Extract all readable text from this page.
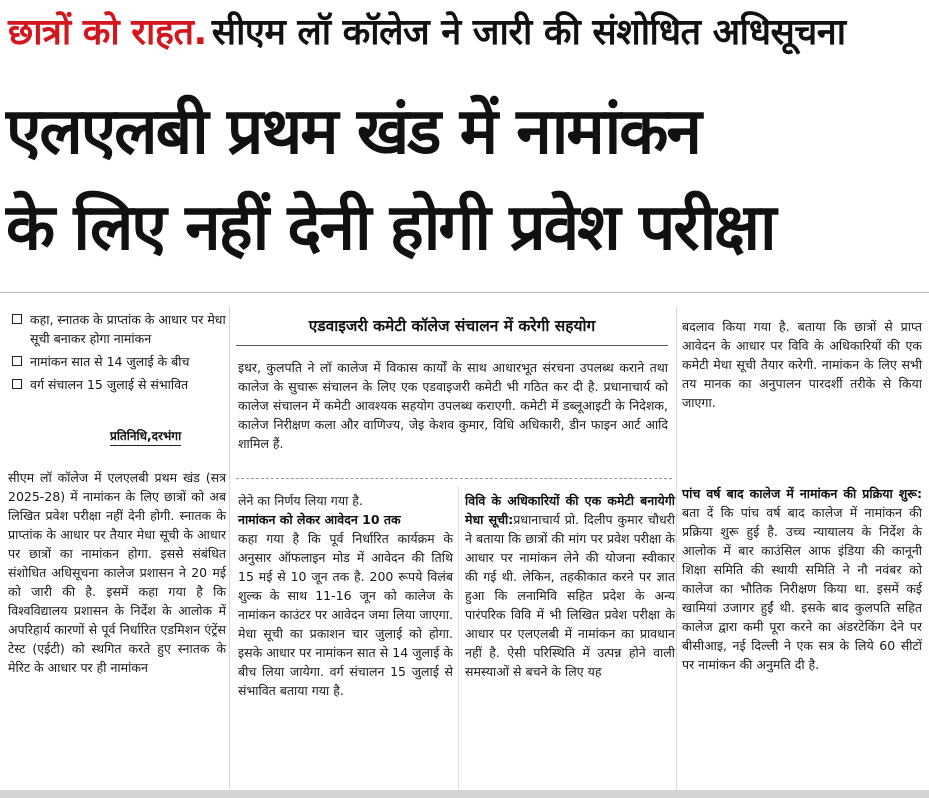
छात्रों को राहत. सीएम लॉ कॉलेज ने जारी की संशोधित अधिसूचना
एलएलबी प्रथम खंड में नामांकन
के लिए नहीं देनी होगी प्रवेश परीक्षा
कहा, स्नातक के प्राप्तांक के आधार पर मेधा सूची बनाकर होगा नामांकन
नामांकन सात से 14 जुलाई के बीच
वर्ग संचालन 15 जुलाई से संभावित
प्रतिनिधि,दरभंगा
सीएम लॉ कॉलेज में एलएलबी प्रथम खंड (सत्र 2025-28) में नामांकन के लिए छात्रों को अब लिखित प्रवेश परीक्षा नहीं देनी होगी. स्नातक के प्राप्तांक के आधार पर तैयार मेधा सूची के आधार पर छात्रों का नामांकन होगा. इससे संबंधित संशोधित अधिसूचना कालेज प्रशासन ने 20 मई को जारी की है. इसमें कहा गया है कि विश्वविद्यालय प्रशासन के निर्देश के आलोक में अपरिहार्य कारणों से पूर्व निर्धारित एडमिशन एंट्रेंस टेस्ट (एईटी) को स्थगित करते हुए स्नातक के मेरिट के आधार पर ही नामांकन
एडवाइजरी कमेटी कॉलेज संचालन में करेगी सहयोग
इधर, कुलपति ने लॉ कालेज में विकास कार्यों के साथ आधारभूत संरचना उपलब्ध कराने तथा कालेज के सुचारू संचालन के लिए एक एडवाइजरी कमेटी भी गठित कर दी है. प्रधानाचार्य को कालेज संचालन में कमेटी आवश्यक सहयोग उपलब्ध कराएगी. कमेटी में डब्लूआइटी के निदेशक, कालेज निरीक्षण कला और वाणिज्य, जेइ केशव कुमार, विधि अधिकारी, डीन फाइन आर्ट आदि शामिल हैं.
लेने का निर्णय लिया गया है.
नामांकन को लेकर आवेदन 10 तक
कहा गया है कि पूर्व निर्धारित कार्यक्रम के अनुसार ऑफलाइन मोड में आवेदन की तिथि 15 मई से 10 जून तक है. 200 रूपये विलंब शुल्क के साथ 11-16 जून को कालेज के नामांकन काउंटर पर आवेदन जमा लिया जाएगा. मेधा सूची का प्रकाशन चार जुलाई को होगा. इसके आधार पर नामांकन सात से 14 जुलाई के बीच लिया जायेगा. वर्ग संचालन 15 जुलाई से संभावित बताया गया है.
विवि के अधिकारियों की एक कमेटी बनायेगी मेधा सूची:प्रधानाचार्य प्रो. दिलीप कुमार चौधरी ने बताया कि छात्रों की मांग पर प्रवेश परीक्षा के आधार पर नामांकन लेने की योजना स्वीकार की गई थी. लेकिन, तहकीकात करने पर ज्ञात हुआ कि लनामिवि सहित प्रदेश के अन्य पारंपरिक विवि में भी लिखित प्रवेश परीक्षा के आधार पर एलएलबी में नामांकन का प्रावधान नहीं है. ऐसी परिस्थिति में उत्पन्न होने वाली समस्याओं से बचने के लिए यह
बदलाव किया गया है. बताया कि छात्रों से प्राप्त आवेदन के आधार पर विवि के अधिकारियों की एक कमेटी मेधा सूची तैयार करेगी. नामांकन के लिए सभी तय मानक का अनुपालन पारदर्शी तरीके से किया जाएगा.
पांच वर्ष बाद कालेज में नामांकन की प्रक्रिया शुरू: बता दें कि पांच वर्ष बाद कालेज में नामांकन की प्रक्रिया शुरू हुई है. उच्च न्यायालय के निर्देश के आलोक में बार काउंसिल आफ इंडिया की कानूनी शिक्षा समिति की स्थायी समिति ने नौ नवंबर को कालेज का भौतिक निरीक्षण किया था. इसमें कई खामियां उजागर हुईं थी. इसके बाद कुलपति सहित कालेज द्वारा कमी पूरा करने का अंडरटेकिंग देने पर बीसीआइ, नई दिल्ली ने एक सत्र के लिये 60 सीटों पर नामांकन की अनुमति दी है.
